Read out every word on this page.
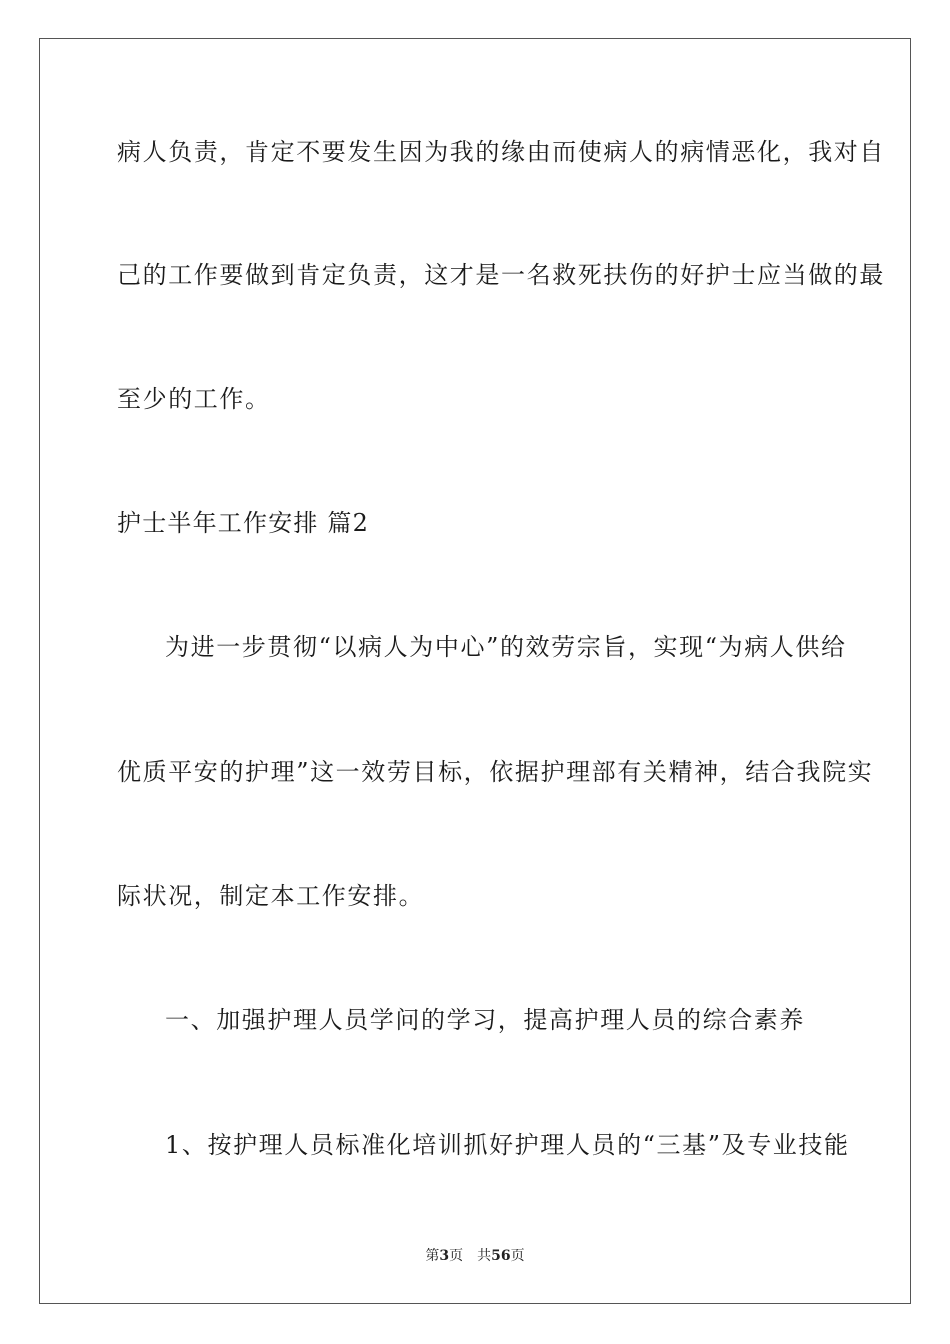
病人负责，肯定不要发生因为我的缘由而使病人的病情恶化，我对自
己的工作要做到肯定负责，这才是一名救死扶伤的好护士应当做的最
至少的工作。
护士半年工作安排 篇2
为进一步贯彻“以病人为中心”的效劳宗旨，实现“为病人供给
优质平安的护理”这一效劳目标，依据护理部有关精神，结合我院实
际状况，制定本工作安排。
一、加强护理人员学问的学习，提高护理人员的综合素养
1、按护理人员标准化培训抓好护理人员的“三基”及专业技能
第3页 共56页
